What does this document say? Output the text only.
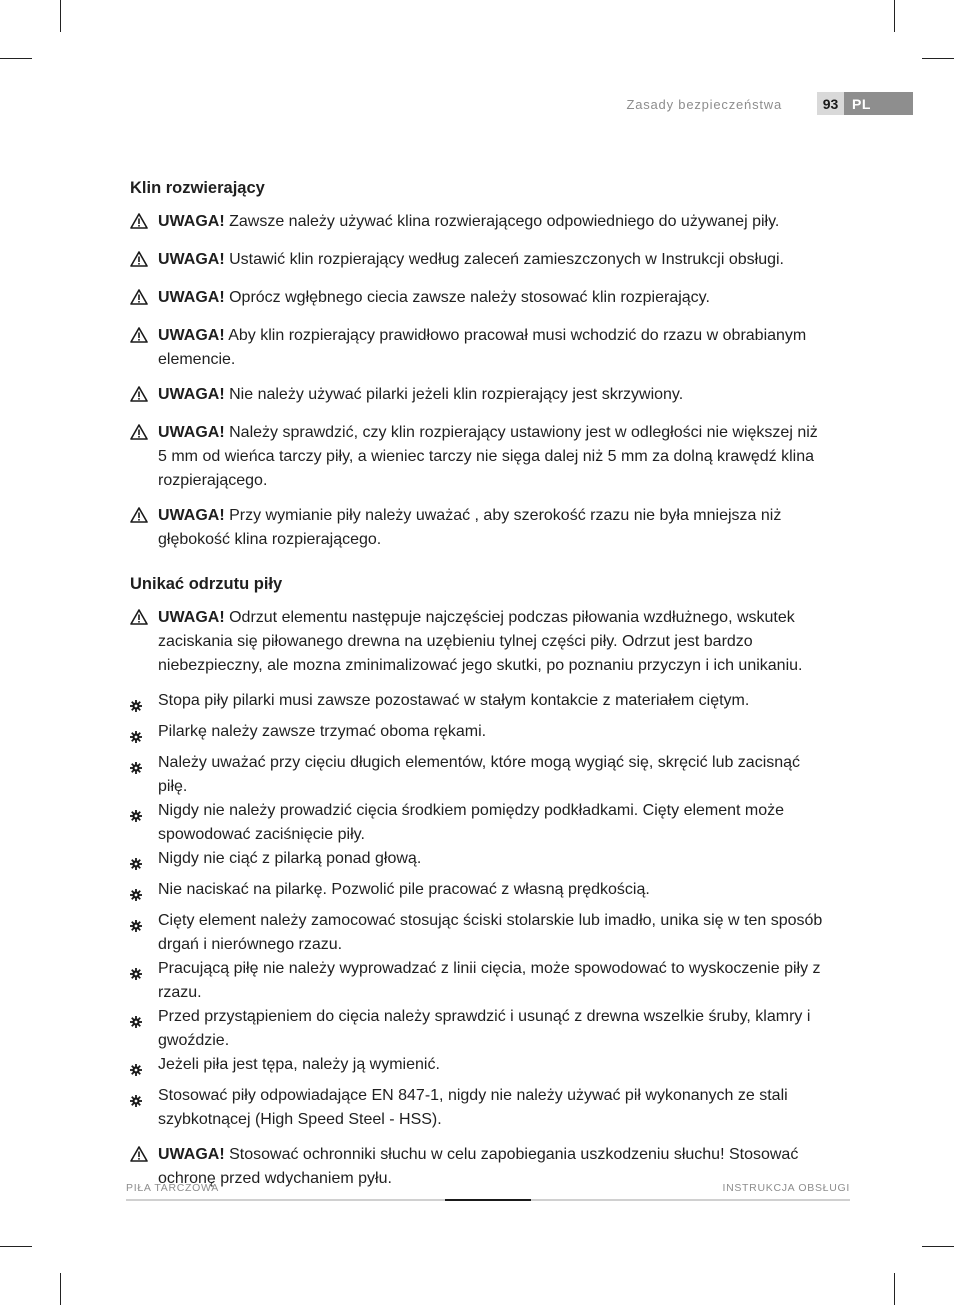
Zasady bezpieczeństwa	93 PL
Klin rozwierający
UWAGA! Zawsze należy używać klina rozwierającego odpowiedniego do używanej piły.
UWAGA! Ustawić klin rozpierający według zaleceń zamieszczonych w Instrukcji obsługi.
UWAGA! Oprócz wgłębnego ciecia zawsze należy stosować klin rozpierający.
UWAGA! Aby klin rozpierający prawidłowo pracował musi wchodzić do rzazu w obrabianym elemencie.
UWAGA! Nie należy używać pilarki jeżeli klin rozpierający jest skrzywiony.
UWAGA! Należy sprawdzić, czy klin rozpierający ustawiony jest w odległości nie większej niż 5 mm od wieńca tarczy piły, a wieniec tarczy nie sięga dalej niż 5 mm za dolną krawędź klina rozpierającego.
UWAGA! Przy wymianie piły należy uważać , aby szerokość rzazu nie była mniejsza niż głębokość klina rozpierającego.
Unikać odrzutu piły
UWAGA! Odrzut elementu następuje najczęściej podczas piłowania wzdłużnego, wskutek zaciskania się piłowanego drewna na uzębieniu tylnej części piły. Odrzut jest bardzo niebezpieczny, ale mozna zminimalizować jego skutki, po poznaniu przyczyn i ich unikaniu.
Stopa piły pilarki musi zawsze pozostawać w stałym kontakcie z materiałem ciętym.
Pilarkę należy zawsze trzymać oboma rękami.
Należy uważać przy cięciu długich elementów, które mogą wygiąć się, skręcić lub zacisnąć piłę.
Nigdy nie należy prowadzić cięcia środkiem pomiędzy podkładkami. Cięty element może spowodować zaciśnięcie piły.
Nigdy nie ciąć z pilarką ponad głową.
Nie naciskać na pilarkę. Pozwolić pile pracować z własną prędkością.
Cięty element należy zamocować stosując ściski stolarskie lub imadło, unika się w ten sposób drgań i nierównego rzazu.
Pracującą piłę nie należy wyprowadzać z linii cięcia, może spowodować to wyskoczenie piły z rzazu.
Przed przystąpieniem do cięcia należy sprawdzić i usunąć z drewna wszelkie śruby, klamry i gwoździe.
Jeżeli piła jest tępa, należy ją wymienić.
Stosować piły odpowiadające EN 847-1, nigdy nie należy używać pił wykonanych ze stali szybkotnącej (High Speed Steel - HSS).
UWAGA! Stosować ochronniki słuchu w celu zapobiegania uszkodzeniu słuchu! Stosować ochronę przed wdychaniem pyłu.
PIŁA TARCZOWA	INSTRUKCJA OBSŁUGI
